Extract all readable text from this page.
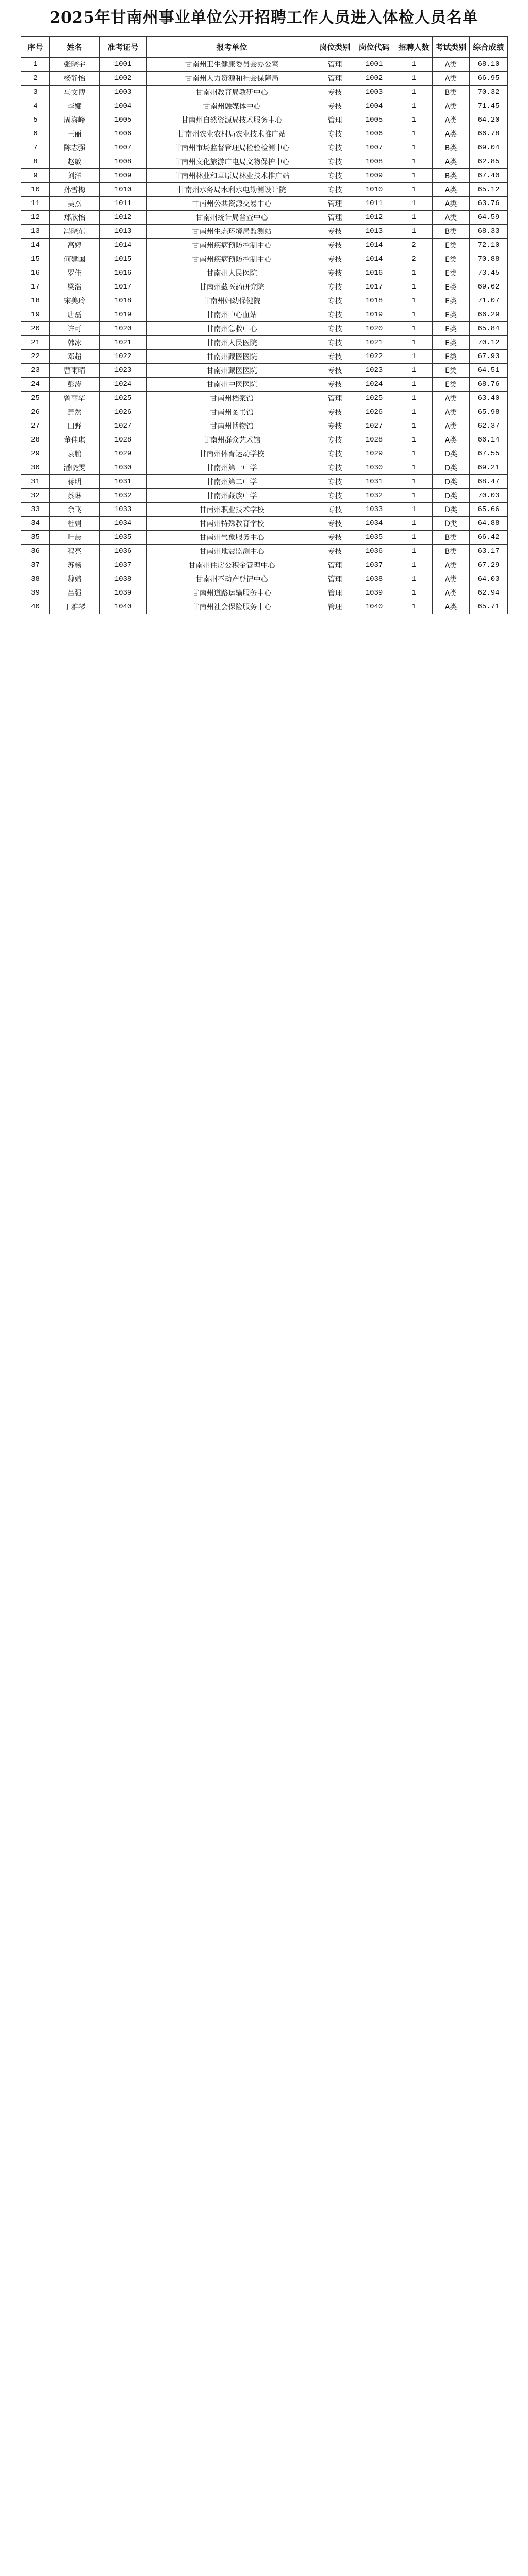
2025年甘南州事业单位公开招聘工作人员进入体检人员名单
序号	姓名	准考证号	报考单位	岗位类别	岗位代码	招聘人数	考试类别	综合成绩
1	张晓宇	1001	甘南州卫生健康委员会办公室	管理	1001	1	A类	68.10
2	杨静怡	1002	甘南州人力资源和社会保障局	管理	1002	1	A类	66.95
3	马文博	1003	甘南州教育局教研中心	专技	1003	1	B类	70.32
4	李娜	1004	甘南州融媒体中心	专技	1004	1	A类	71.45
5	周海峰	1005	甘南州自然资源局技术服务中心	管理	1005	1	A类	64.20
6	王丽	1006	甘南州农业农村局农业技术推广站	专技	1006	1	A类	66.78
7	陈志强	1007	甘南州市场监督管理局检验检测中心	专技	1007	1	B类	69.04
8	赵敏	1008	甘南州文化旅游广电局文物保护中心	专技	1008	1	A类	62.85
9	刘洋	1009	甘南州林业和草原局林业技术推广站	专技	1009	1	B类	67.40
10	孙雪梅	1010	甘南州水务局水利水电勘测设计院	专技	1010	1	A类	65.12
11	吴杰	1011	甘南州公共资源交易中心	管理	1011	1	A类	63.76
12	郑欣怡	1012	甘南州统计局普查中心	管理	1012	1	A类	64.59
13	冯晓东	1013	甘南州生态环境局监测站	专技	1013	1	B类	68.33
14	高婷	1014	甘南州疾病预防控制中心	专技	1014	2	E类	72.10
15	何建国	1015	甘南州疾病预防控制中心	专技	1014	2	E类	70.88
16	罗佳	1016	甘南州人民医院	专技	1016	1	E类	73.45
17	梁浩	1017	甘南州藏医药研究院	专技	1017	1	E类	69.62
18	宋美玲	1018	甘南州妇幼保健院	专技	1018	1	E类	71.07
19	唐磊	1019	甘南州中心血站	专技	1019	1	E类	66.29
20	许可	1020	甘南州急救中心	专技	1020	1	E类	65.84
21	韩冰	1021	甘南州人民医院	专技	1021	1	E类	70.12
22	邓超	1022	甘南州藏医医院	专技	1022	1	E类	67.93
23	曹雨晴	1023	甘南州藏医医院	专技	1023	1	E类	64.51
24	彭涛	1024	甘南州中医医院	专技	1024	1	E类	68.76
25	曾丽华	1025	甘南州档案馆	管理	1025	1	A类	63.40
26	萧然	1026	甘南州图书馆	专技	1026	1	A类	65.98
27	田野	1027	甘南州博物馆	专技	1027	1	A类	62.37
28	董佳琪	1028	甘南州群众艺术馆	专技	1028	1	A类	66.14
29	袁鹏	1029	甘南州体育运动学校	专技	1029	1	D类	67.55
30	潘晓雯	1030	甘南州第一中学	专技	1030	1	D类	69.21
31	蒋明	1031	甘南州第二中学	专技	1031	1	D类	68.47
32	蔡琳	1032	甘南州藏族中学	专技	1032	1	D类	70.03
33	余飞	1033	甘南州职业技术学校	专技	1033	1	D类	65.66
34	杜娟	1034	甘南州特殊教育学校	专技	1034	1	D类	64.88
35	叶晨	1035	甘南州气象服务中心	专技	1035	1	B类	66.42
36	程亮	1036	甘南州地震监测中心	专技	1036	1	B类	63.17
37	苏畅	1037	甘南州住房公积金管理中心	管理	1037	1	A类	67.29
38	魏婧	1038	甘南州不动产登记中心	管理	1038	1	A类	64.03
39	吕强	1039	甘南州道路运输服务中心	管理	1039	1	A类	62.94
40	丁雅琴	1040	甘南州社会保险服务中心	管理	1040	1	A类	65.71
